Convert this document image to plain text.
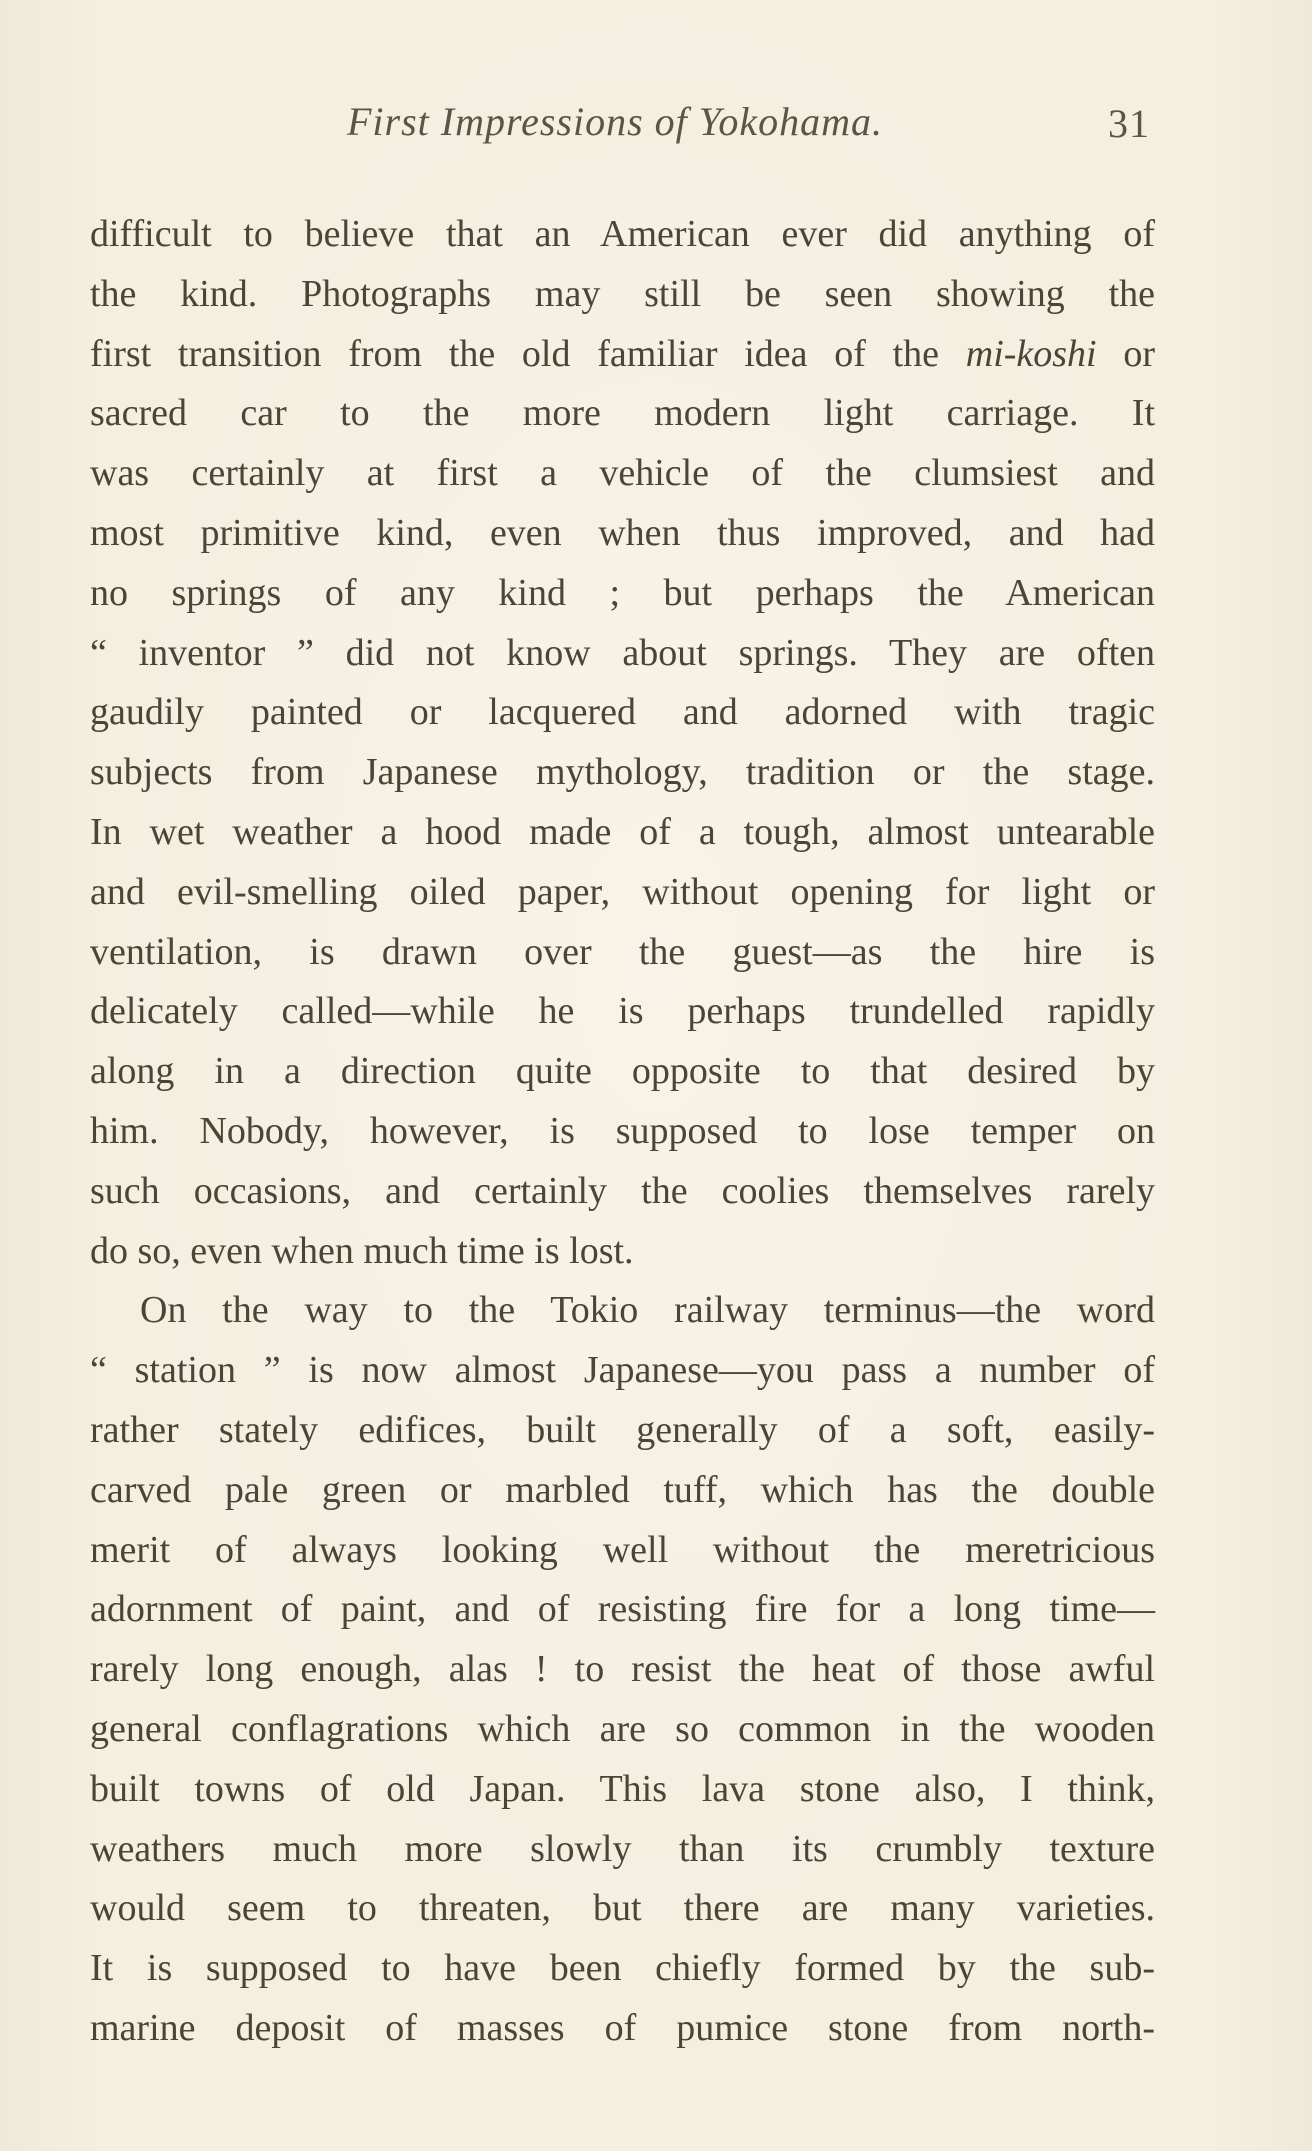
First Impressions of Yokohama.	31
difficult to believe that an American ever did anything of
the kind. Photographs may still be seen showing the
first transition from the old familiar idea of the mi-koshi or
sacred car to the more modern light carriage. It
was certainly at first a vehicle of the clumsiest and
most primitive kind, even when thus improved, and had
no springs of any kind ; but perhaps the American
“ inventor ” did not know about springs. They are often
gaudily painted or lacquered and adorned with tragic
subjects from Japanese mythology, tradition or the stage.
In wet weather a hood made of a tough, almost untearable
and evil-smelling oiled paper, without opening for light or
ventilation, is drawn over the guest—as the hire is
delicately called—while he is perhaps trundelled rapidly
along in a direction quite opposite to that desired by
him. Nobody, however, is supposed to lose temper on
such occasions, and certainly the coolies themselves rarely
do so, even when much time is lost.
On the way to the Tokio railway terminus—the word
“ station ” is now almost Japanese—you pass a number of
rather stately edifices, built generally of a soft, easily-
carved pale green or marbled tuff, which has the double
merit of always looking well without the meretricious
adornment of paint, and of resisting fire for a long time—
rarely long enough, alas ! to resist the heat of those awful
general conflagrations which are so common in the wooden
built towns of old Japan. This lava stone also, I think,
weathers much more slowly than its crumbly texture
would seem to threaten, but there are many varieties.
It is supposed to have been chiefly formed by the sub-
marine deposit of masses of pumice stone from north-
